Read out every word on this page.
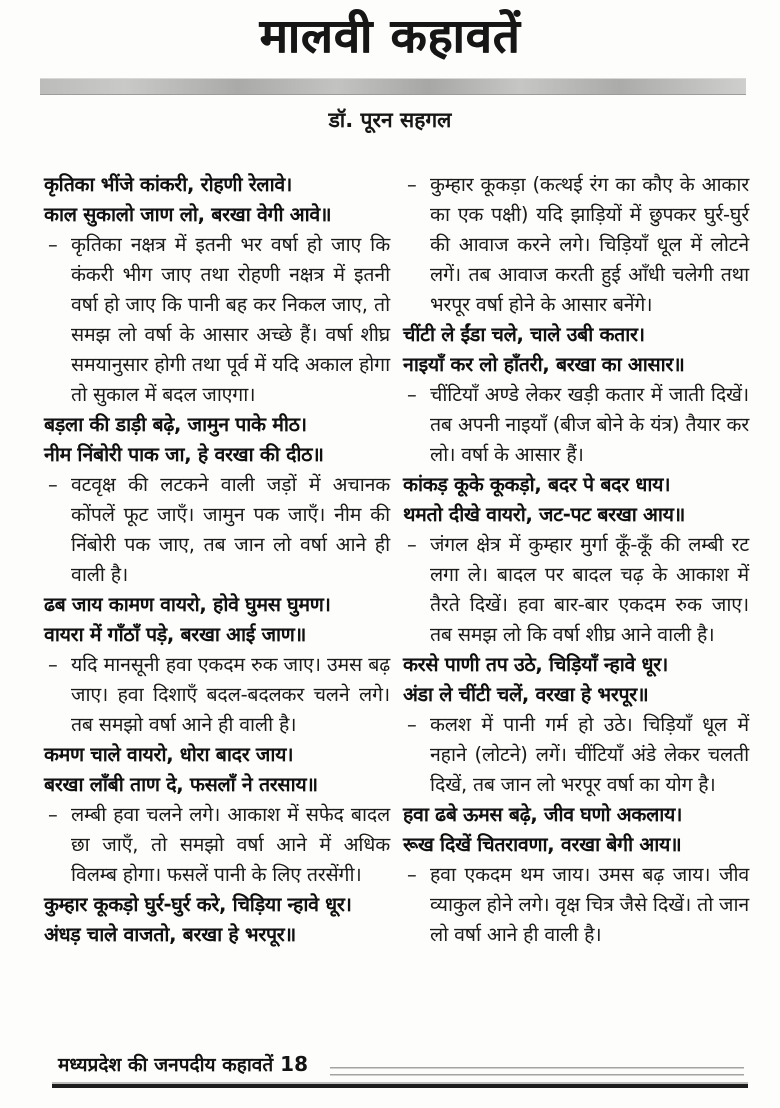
मालवी कहावतें
डॉ. पूरन सहगल
कृतिका भींजे कांकरी, रोहणी रेलावे।
काल सुकालो जाण लो, बरखा वेगी आवे॥
– कृतिका नक्षत्र में इतनी भर वर्षा हो जाए कि कंकरी भीग जाए तथा रोहणी नक्षत्र में इतनी वर्षा हो जाए कि पानी बह कर निकल जाए, तो समझ लो वर्षा के आसार अच्छे हैं। वर्षा शीघ्र समयानुसार होगी तथा पूर्व में यदि अकाल होगा तो सुकाल में बदल जाएगा।
बड़ला की डाड़ी बढ़े, जामुन पाके मीठ।
नीम निंबोरी पाक जा, हे वरखा की दीठ॥
– वटवृक्ष की लटकने वाली जड़ों में अचानक कोंपलें फूट जाएँ। जामुन पक जाएँ। नीम की निंबोरी पक जाए, तब जान लो वर्षा आने ही वाली है।
ढब जाय कामण वायरो, होवे घुमस घुमण।
वायरा में गाँठाँ पड़े, बरखा आई जाण॥
– यदि मानसूनी हवा एकदम रुक जाए। उमस बढ़ जाए। हवा दिशाएँ बदल-बदलकर चलने लगे। तब समझो वर्षा आने ही वाली है।
कमण चाले वायरो, धोरा बादर जाय।
बरखा लाँबी ताण दे, फसलाँ ने तरसाय॥
– लम्बी हवा चलने लगे। आकाश में सफेद बादल छा जाएँ, तो समझो वर्षा आने में अधिक विलम्ब होगा। फसलें पानी के लिए तरसेंगी।
कुम्हार कूकड़ो घुर्र-घुर्र करे, चिड़िया न्हावे धूर।
अंधड़ चाले वाजतो, बरखा हे भरपूर॥
– कुम्हार कूकड़ा (कत्थई रंग का कौए के आकार का एक पक्षी) यदि झाड़ियों में छुपकर घुर्र-घुर्र की आवाज करने लगे। चिड़ियाँ धूल में लोटने लगें। तब आवाज करती हुई आँधी चलेगी तथा भरपूर वर्षा होने के आसार बनेंगे।
चींटी ले ईंडा चले, चाले उबी कतार।
नाइयाँ कर लो हाँतरी, बरखा का आसार॥
– चींटियाँ अण्डे लेकर खड़ी कतार में जाती दिखें। तब अपनी नाइयाँ (बीज बोने के यंत्र) तैयार कर लो। वर्षा के आसार हैं।
कांकड़ कूके कूकड़ो, बदर पे बदर धाय।
थमतो दीखे वायरो, जट-पट बरखा आय॥
– जंगल क्षेत्र में कुम्हार मुर्गा कूँ-कूँ की लम्बी रट लगा ले। बादल पर बादल चढ़ के आकाश में तैरते दिखें। हवा बार-बार एकदम रुक जाए। तब समझ लो कि वर्षा शीघ्र आने वाली है।
करसे पाणी तप उठे, चिड़ियाँ न्हावे धूर।
अंडा ले चींटी चलें, वरखा हे भरपूर॥
– कलश में पानी गर्म हो उठे। चिड़ियाँ धूल में नहाने (लोटने) लगें। चींटियाँ अंडे लेकर चलती दिखें, तब जान लो भरपूर वर्षा का योग है।
हवा ढबे ऊमस बढ़े, जीव घणो अकलाय।
रूख दिखें चितरावणा, वरखा बेगी आय॥
– हवा एकदम थम जाय। उमस बढ़ जाय। जीव व्याकुल होने लगे। वृक्ष चित्र जैसे दिखें। तो जान लो वर्षा आने ही वाली है।
मध्यप्रदेश की जनपदीय कहावतें 18
